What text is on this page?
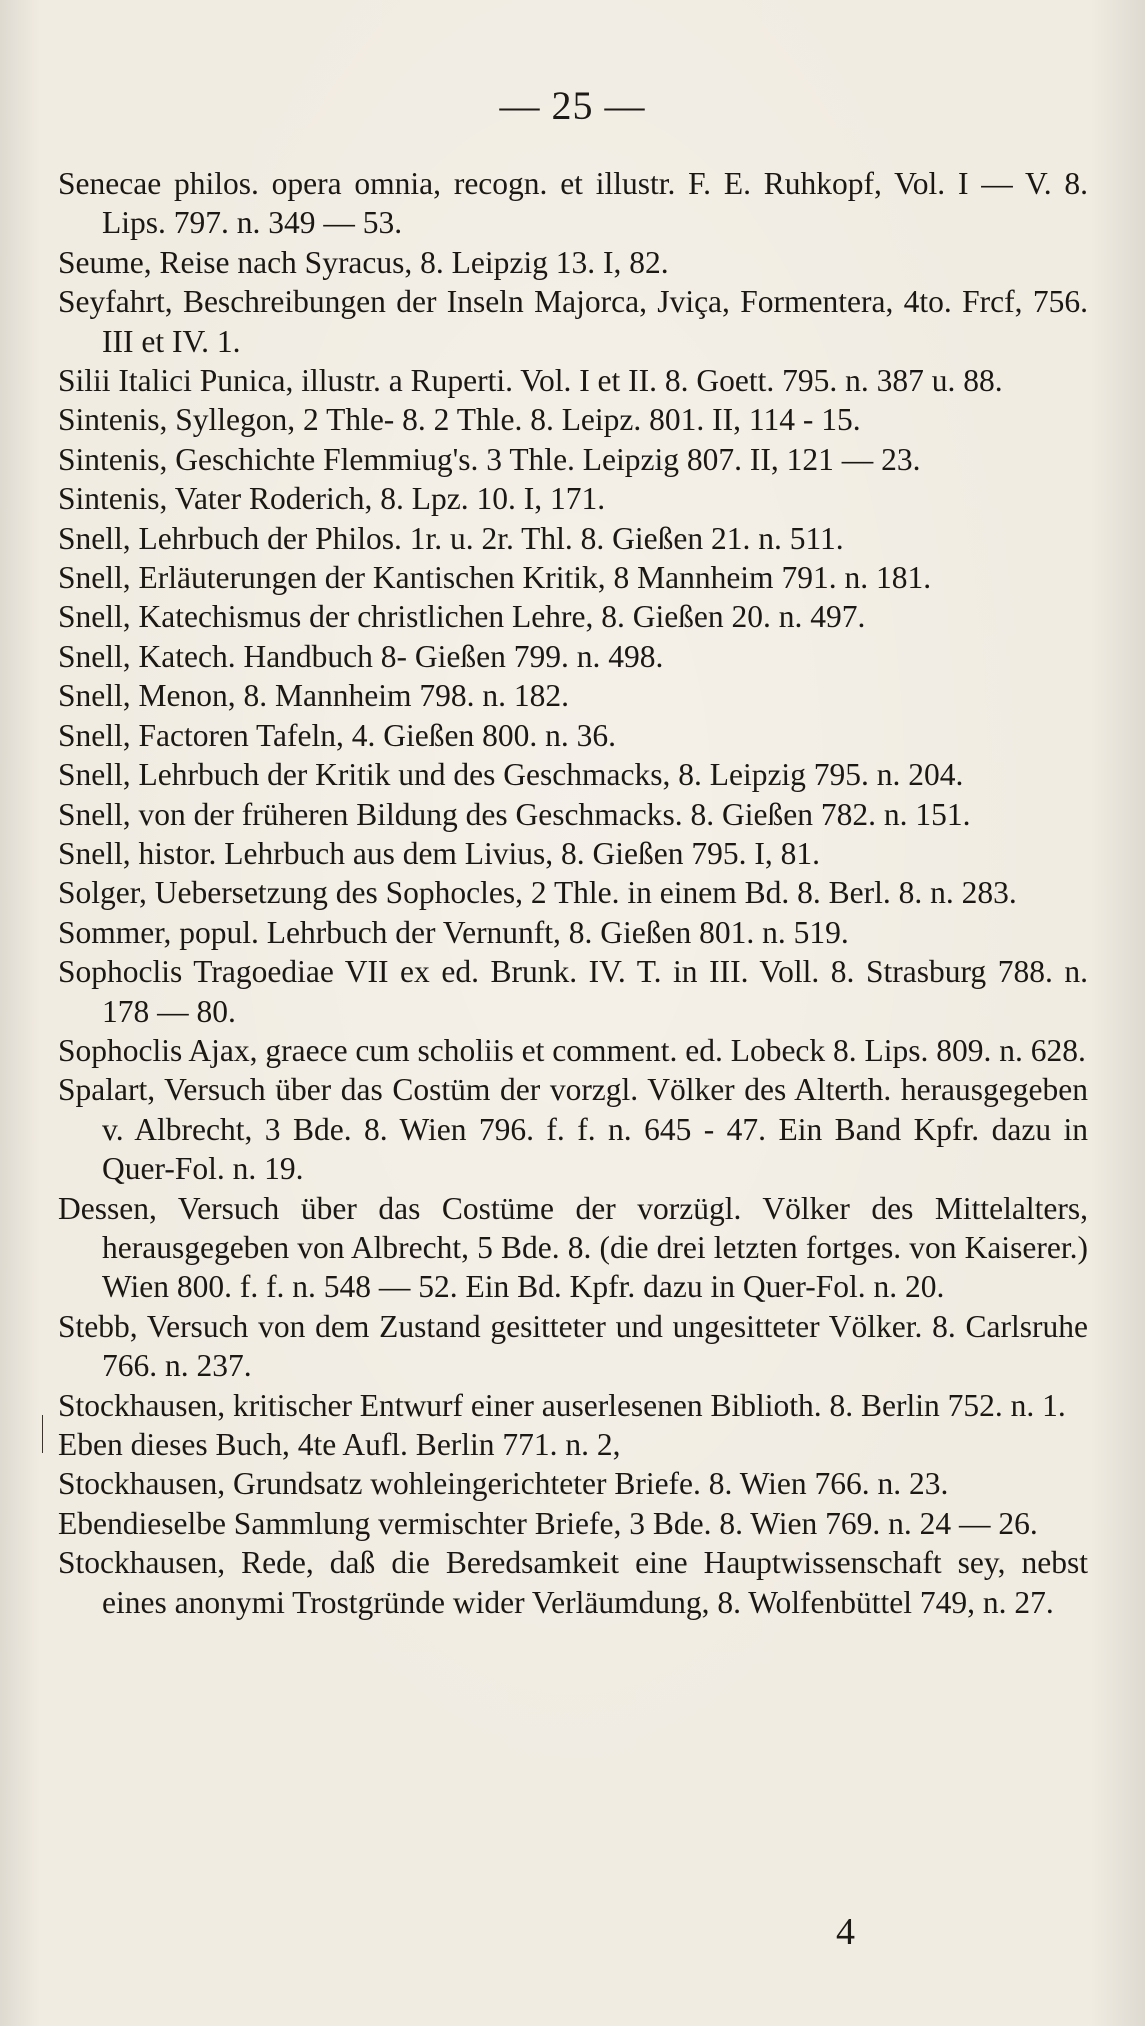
— 25 —
Senecae philos. opera omnia, recogn. et illustr. F. E. Ruhkopf, Vol. I — V. 8. Lips. 797. n. 349 — 53.
Seume, Reise nach Syracus, 8. Leipzig 13. I, 82.
Seyfahrt, Beschreibungen der Inseln Majorca, Jviça, Formentera, 4to. Frcf, 756. III et IV. 1.
Silii Italici Punica, illustr. a Ruperti. Vol. I et II. 8. Goett. 795. n. 387 u. 88.
Sintenis, Syllegon, 2 Thle- 8. 2 Thle. 8. Leipz. 801. II, 114 - 15.
Sintenis, Geschichte Flemmiug's. 3 Thle. Leipzig 807. II, 121 — 23.
Sintenis, Vater Roderich, 8. Lpz. 10. I, 171.
Snell, Lehrbuch der Philos. 1r. u. 2r. Thl. 8. Gießen 21. n. 511.
Snell, Erläuterungen der Kantischen Kritik, 8 Mannheim 791. n. 181.
Snell, Katechismus der christlichen Lehre, 8. Gießen 20. n. 497.
Snell, Katech. Handbuch 8- Gießen 799. n. 498.
Snell, Menon, 8. Mannheim 798. n. 182.
Snell, Factoren Tafeln, 4. Gießen 800. n. 36.
Snell, Lehrbuch der Kritik und des Geschmacks, 8. Leipzig 795. n. 204.
Snell, von der früheren Bildung des Geschmacks. 8. Gießen 782. n. 151.
Snell, histor. Lehrbuch aus dem Livius, 8. Gießen 795. I, 81.
Solger, Uebersetzung des Sophocles, 2 Thle. in einem Bd. 8. Berl. 8. n. 283.
Sommer, popul. Lehrbuch der Vernunft, 8. Gießen 801. n. 519.
Sophoclis Tragoediae VII ex ed. Brunk. IV. T. in III. Voll. 8. Strasburg 788. n. 178 — 80.
Sophoclis Ajax, graece cum scholiis et comment. ed. Lobeck 8. Lips. 809. n. 628.
Spalart, Versuch über das Costüm der vorzgl. Völker des Alterth. herausgegeben v. Albrecht, 3 Bde. 8. Wien 796. f. f. n. 645 - 47. Ein Band Kpfr. dazu in Quer-Fol. n. 19.
Dessen, Versuch über das Costüme der vorzügl. Völker des Mittelalters, herausgegeben von Albrecht, 5 Bde. 8. (die drei letzten fortges. von Kaiserer.) Wien 800. f. f. n. 548 — 52. Ein Bd. Kpfr. dazu in Quer-Fol. n. 20.
Stebb, Versuch von dem Zustand gesitteter und ungesitteter Völker. 8. Carlsruhe 766. n. 237.
Stockhausen, kritischer Entwurf einer auserlesenen Biblioth. 8. Berlin 752. n. 1.
Eben dieses Buch, 4te Aufl. Berlin 771. n. 2,
Stockhausen, Grundsatz wohleingerichteter Briefe. 8. Wien 766. n. 23.
Ebendieselbe Sammlung vermischter Briefe, 3 Bde. 8. Wien 769. n. 24 — 26.
Stockhausen, Rede, daß die Beredsamkeit eine Hauptwissenschaft sey, nebst eines anonymi Trostgründe wider Verläumdung, 8. Wolfenbüttel 749, n. 27.
4
